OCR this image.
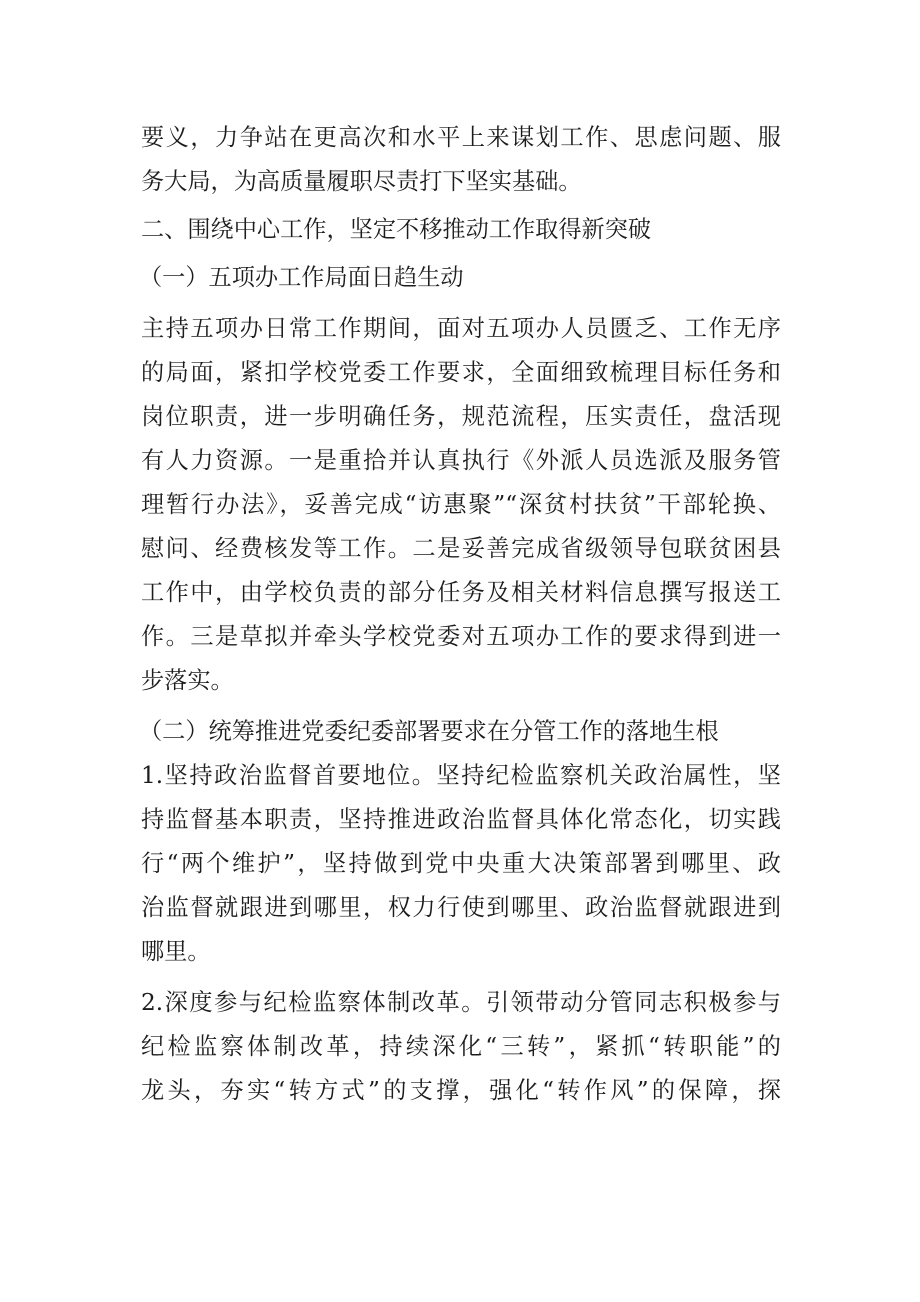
要义，力争站在更高次和水平上来谋划工作、思虑问题、服
务大局，为高质量履职尽责打下坚实基础。
二、围绕中心工作，坚定不移推动工作取得新突破
（一）五项办工作局面日趋生动
主持五项办日常工作期间，面对五项办人员匮乏、工作无序
的局面，紧扣学校党委工作要求，全面细致梳理目标任务和
岗位职责，进一步明确任务，规范流程，压实责任，盘活现
有人力资源。一是重拾并认真执行《外派人员选派及服务管
理暂行办法》，妥善完成“访惠聚”“深贫村扶贫”干部轮换、
慰问、经费核发等工作。二是妥善完成省级领导包联贫困县
工作中，由学校负责的部分任务及相关材料信息撰写报送工
作。三是草拟并牵头学校党委对五项办工作的要求得到进一
步落实。
（二）统筹推进党委纪委部署要求在分管工作的落地生根
1.坚持政治监督首要地位。坚持纪检监察机关政治属性，坚
持监督基本职责，坚持推进政治监督具体化常态化，切实践
行“两个维护”，坚持做到党中央重大决策部署到哪里、政
治监督就跟进到哪里，权力行使到哪里、政治监督就跟进到
哪里。
2.深度参与纪检监察体制改革。引领带动分管同志积极参与
纪检监察体制改革，持续深化“三转”，紧抓“转职能”的
龙头，夯实“转方式”的支撑，强化“转作风”的保障，探
